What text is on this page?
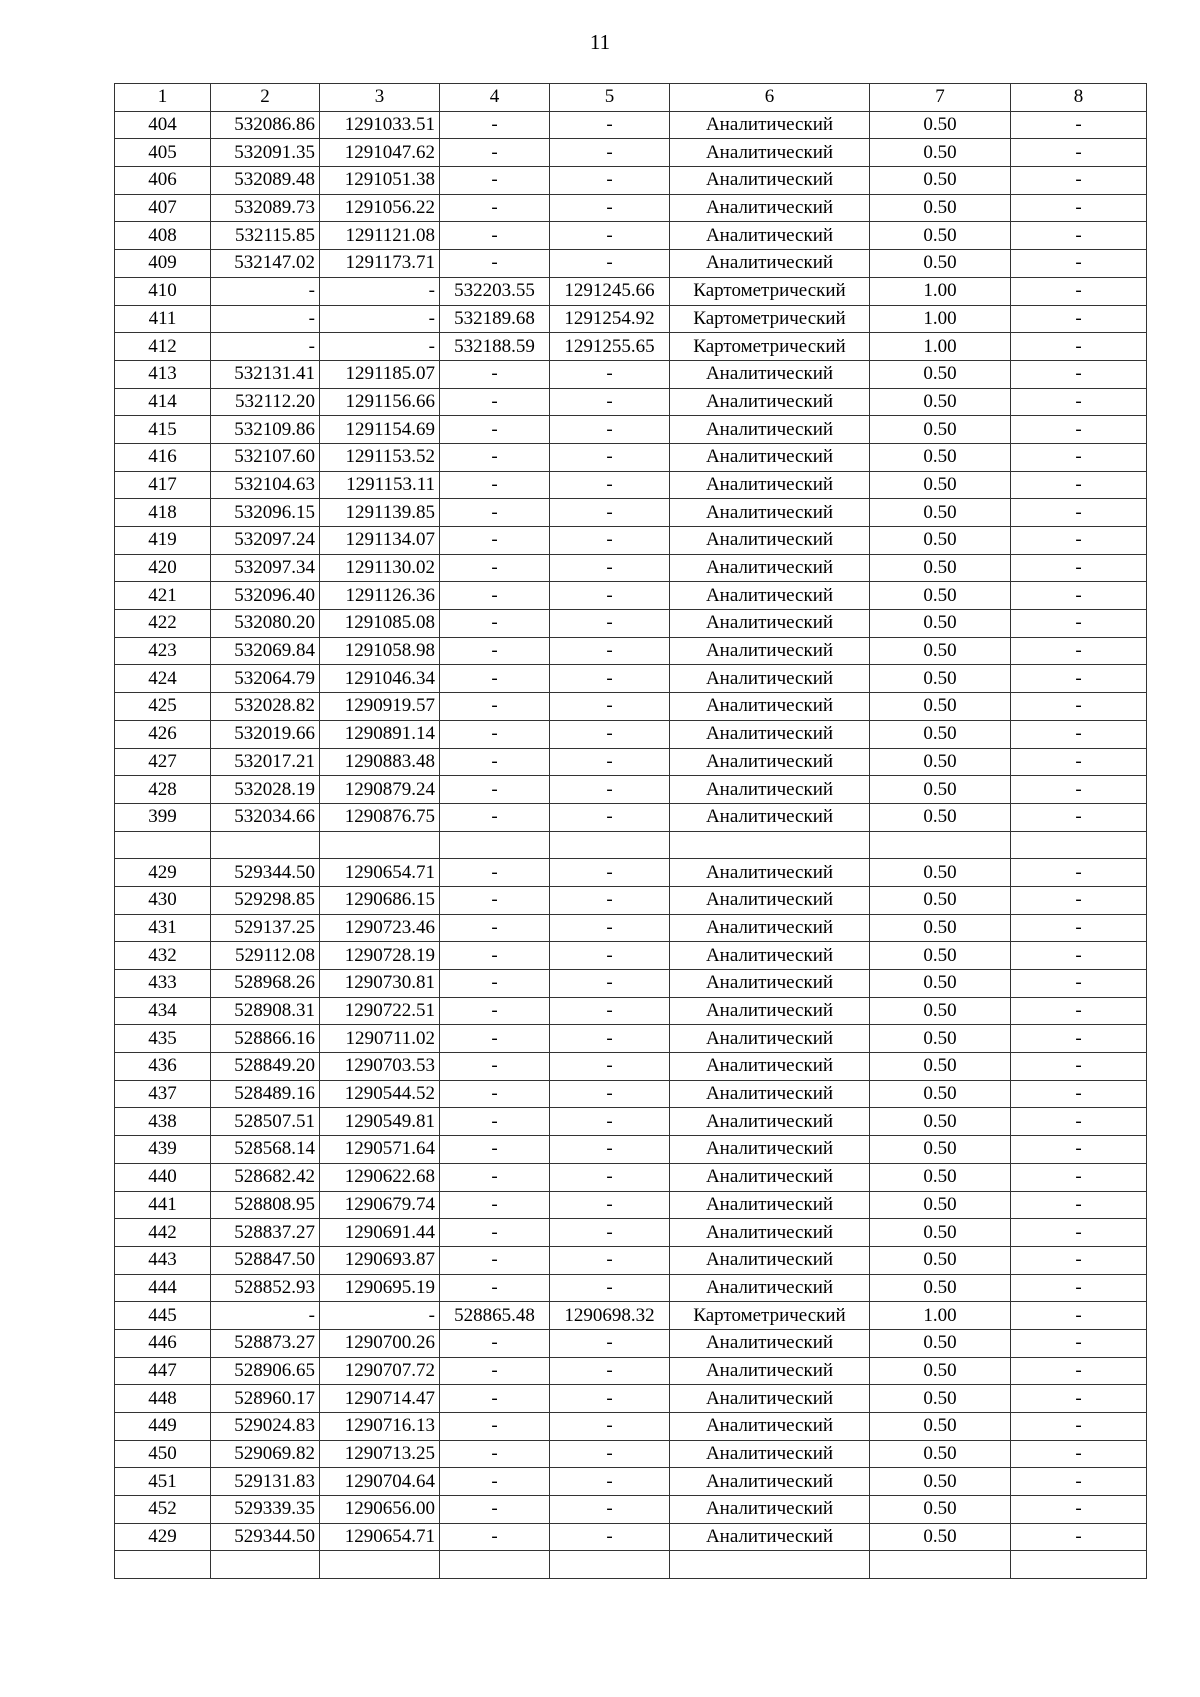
11
1	2	3	4	5	6	7	8
404	532086.86	1291033.51	-	-	Аналитический	0.50	-
405	532091.35	1291047.62	-	-	Аналитический	0.50	-
406	532089.48	1291051.38	-	-	Аналитический	0.50	-
407	532089.73	1291056.22	-	-	Аналитический	0.50	-
408	532115.85	1291121.08	-	-	Аналитический	0.50	-
409	532147.02	1291173.71	-	-	Аналитический	0.50	-
410	-	-	532203.55	1291245.66	Картометрический	1.00	-
411	-	-	532189.68	1291254.92	Картометрический	1.00	-
412	-	-	532188.59	1291255.65	Картометрический	1.00	-
413	532131.41	1291185.07	-	-	Аналитический	0.50	-
414	532112.20	1291156.66	-	-	Аналитический	0.50	-
415	532109.86	1291154.69	-	-	Аналитический	0.50	-
416	532107.60	1291153.52	-	-	Аналитический	0.50	-
417	532104.63	1291153.11	-	-	Аналитический	0.50	-
418	532096.15	1291139.85	-	-	Аналитический	0.50	-
419	532097.24	1291134.07	-	-	Аналитический	0.50	-
420	532097.34	1291130.02	-	-	Аналитический	0.50	-
421	532096.40	1291126.36	-	-	Аналитический	0.50	-
422	532080.20	1291085.08	-	-	Аналитический	0.50	-
423	532069.84	1291058.98	-	-	Аналитический	0.50	-
424	532064.79	1291046.34	-	-	Аналитический	0.50	-
425	532028.82	1290919.57	-	-	Аналитический	0.50	-
426	532019.66	1290891.14	-	-	Аналитический	0.50	-
427	532017.21	1290883.48	-	-	Аналитический	0.50	-
428	532028.19	1290879.24	-	-	Аналитический	0.50	-
399	532034.66	1290876.75	-	-	Аналитический	0.50	-

429	529344.50	1290654.71	-	-	Аналитический	0.50	-
430	529298.85	1290686.15	-	-	Аналитический	0.50	-
431	529137.25	1290723.46	-	-	Аналитический	0.50	-
432	529112.08	1290728.19	-	-	Аналитический	0.50	-
433	528968.26	1290730.81	-	-	Аналитический	0.50	-
434	528908.31	1290722.51	-	-	Аналитический	0.50	-
435	528866.16	1290711.02	-	-	Аналитический	0.50	-
436	528849.20	1290703.53	-	-	Аналитический	0.50	-
437	528489.16	1290544.52	-	-	Аналитический	0.50	-
438	528507.51	1290549.81	-	-	Аналитический	0.50	-
439	528568.14	1290571.64	-	-	Аналитический	0.50	-
440	528682.42	1290622.68	-	-	Аналитический	0.50	-
441	528808.95	1290679.74	-	-	Аналитический	0.50	-
442	528837.27	1290691.44	-	-	Аналитический	0.50	-
443	528847.50	1290693.87	-	-	Аналитический	0.50	-
444	528852.93	1290695.19	-	-	Аналитический	0.50	-
445	-	-	528865.48	1290698.32	Картометрический	1.00	-
446	528873.27	1290700.26	-	-	Аналитический	0.50	-
447	528906.65	1290707.72	-	-	Аналитический	0.50	-
448	528960.17	1290714.47	-	-	Аналитический	0.50	-
449	529024.83	1290716.13	-	-	Аналитический	0.50	-
450	529069.82	1290713.25	-	-	Аналитический	0.50	-
451	529131.83	1290704.64	-	-	Аналитический	0.50	-
452	529339.35	1290656.00	-	-	Аналитический	0.50	-
429	529344.50	1290654.71	-	-	Аналитический	0.50	-
